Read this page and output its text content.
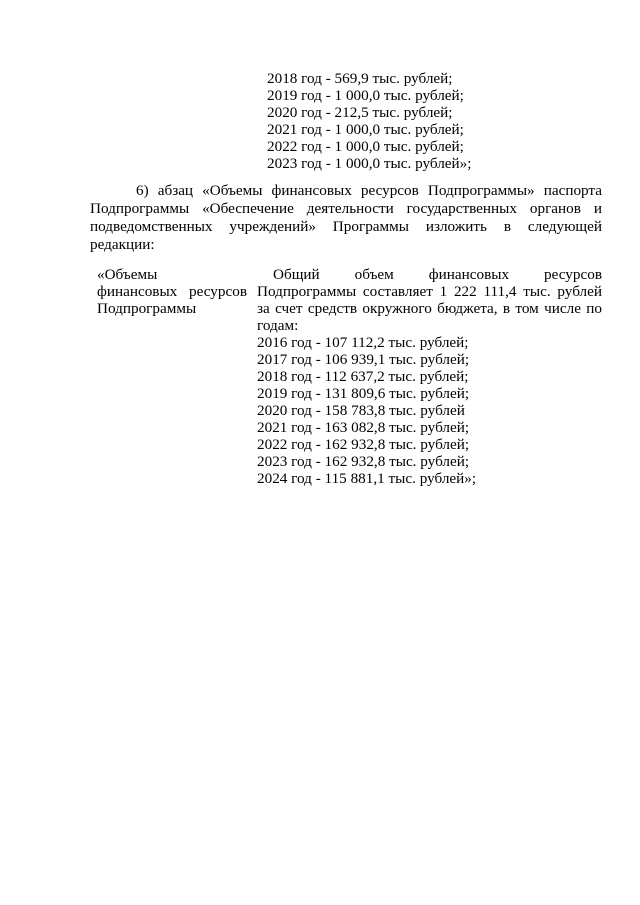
2018 год - 569,9 тыс. рублей;
2019 год - 1 000,0 тыс. рублей;
2020 год - 212,5 тыс. рублей;
2021 год - 1 000,0 тыс. рублей;
2022 год - 1 000,0 тыс. рублей;
2023 год - 1 000,0 тыс. рублей»;
6) абзац «Объемы финансовых ресурсов Подпрограммы» паспорта
Подпрограммы «Обеспечение деятельности государственных органов и
подведомственных учреждений» Программы изложить в следующей
редакции:
«Объемы
финансовых ресурсов
Подпрограммы
Общий объем финансовых ресурсов
Подпрограммы составляет 1 222 111,4 тыс. рублей
за счет средств окружного бюджета, в том числе по
годам:
2016 год - 107 112,2 тыс. рублей;
2017 год - 106 939,1 тыс. рублей;
2018 год - 112 637,2 тыс. рублей;
2019 год - 131 809,6 тыс. рублей;
2020 год - 158 783,8 тыс. рублей
2021 год - 163 082,8 тыс. рублей;
2022 год - 162 932,8 тыс. рублей;
2023 год - 162 932,8 тыс. рублей;
2024 год - 115 881,1 тыс. рублей»;
